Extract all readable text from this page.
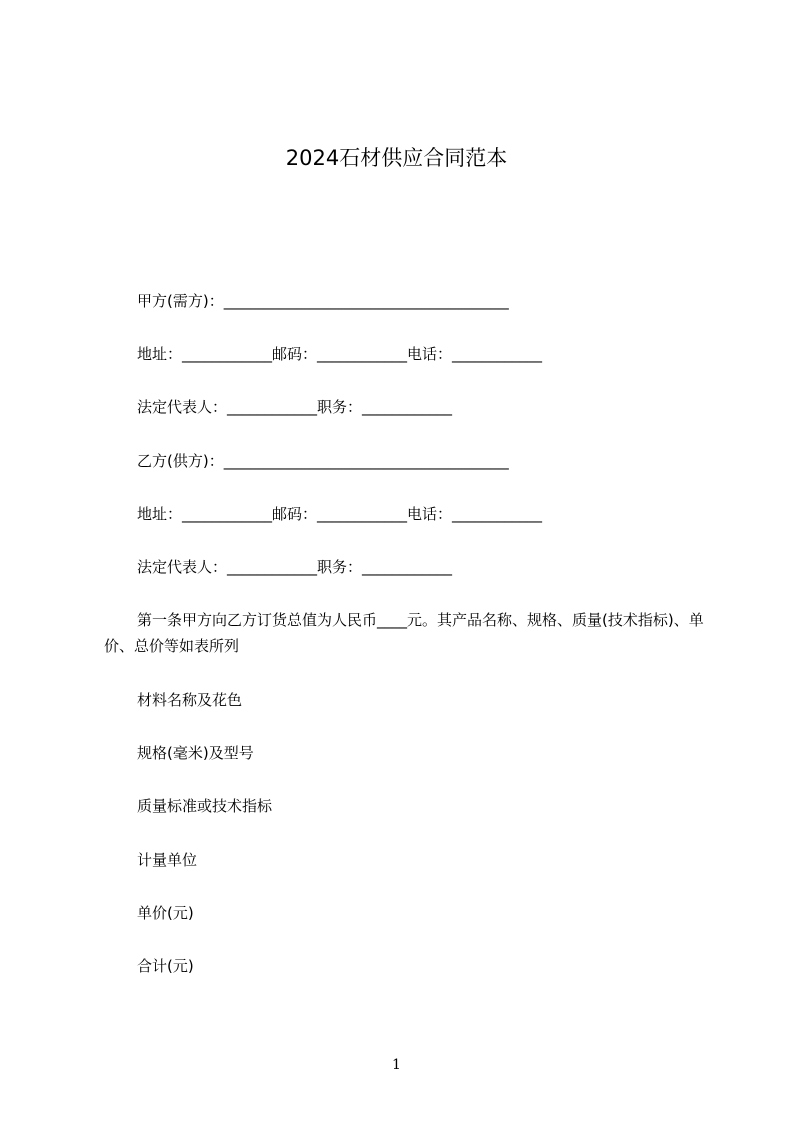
2024石材供应合同范本
甲方(需方)：______________________________________
地址：____________邮码：____________电话：____________
法定代表人：____________职务：____________
乙方(供方)：______________________________________
地址：____________邮码：____________电话：____________
法定代表人：____________职务：____________
第一条甲方向乙方订货总值为人民币____元。其产品名称、规格、质量(技术指标)、单价、总价等如表所列
材料名称及花色
规格(毫米)及型号
质量标准或技术指标
计量单位
单价(元)
合计(元)
1
